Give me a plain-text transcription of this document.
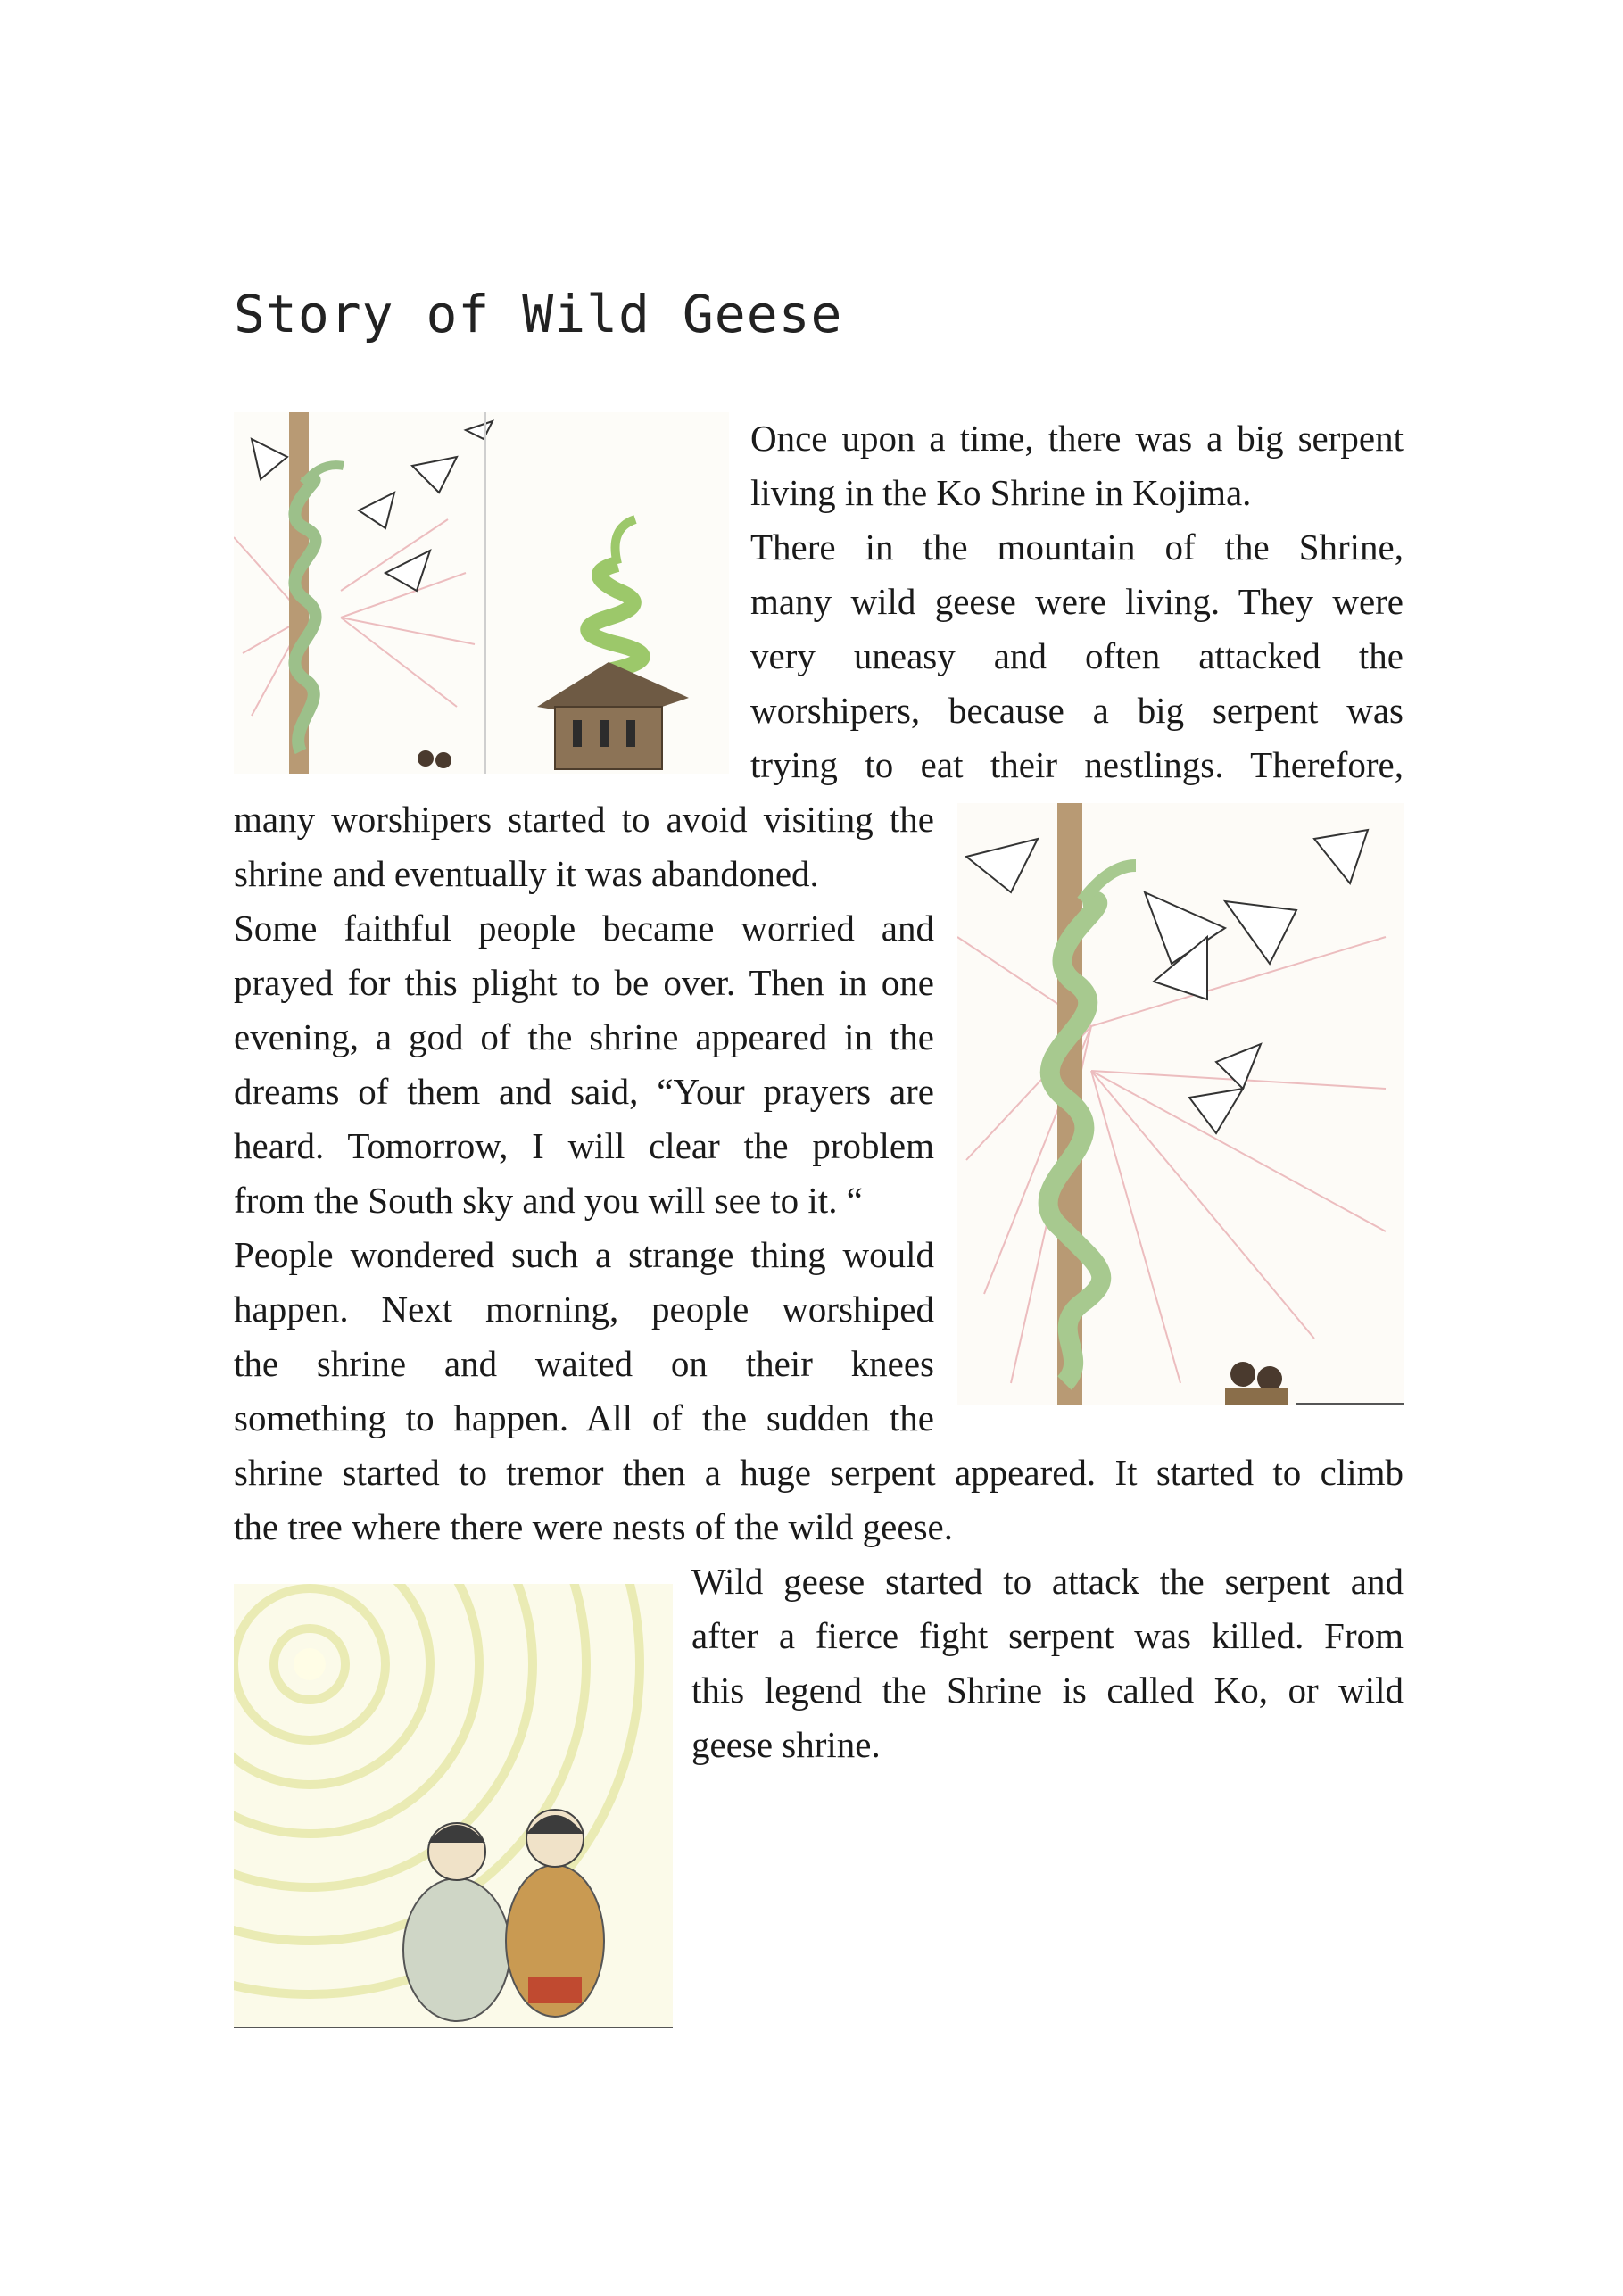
Story of Wild Geese
Once upon a time, there was a big serpent
living in the Ko Shrine in Kojima.
There in the mountain of the Shrine,
many wild geese were living. They were
very uneasy and often attacked the
worshipers, because a big serpent was
trying to eat their nestlings. Therefore,
many worshipers started to avoid visiting the
shrine and eventually it was abandoned.
Some faithful people became worried and
prayed for this plight to be over. Then in one
evening, a god of the shrine appeared in the
dreams of them and said, “Your prayers are
heard. Tomorrow, I will clear the problem
from the South sky and you will see to it. “
People wondered such a strange thing would
happen. Next morning, people worshiped
the shrine and waited on their knees
something to happen. All of the sudden the
shrine started to tremor then a huge serpent appeared. It started to climb
the tree where there were nests of the wild geese.
Wild geese started to attack the serpent and
after a fierce fight serpent was killed. From
this legend the Shrine is called Ko, or wild
geese shrine.
